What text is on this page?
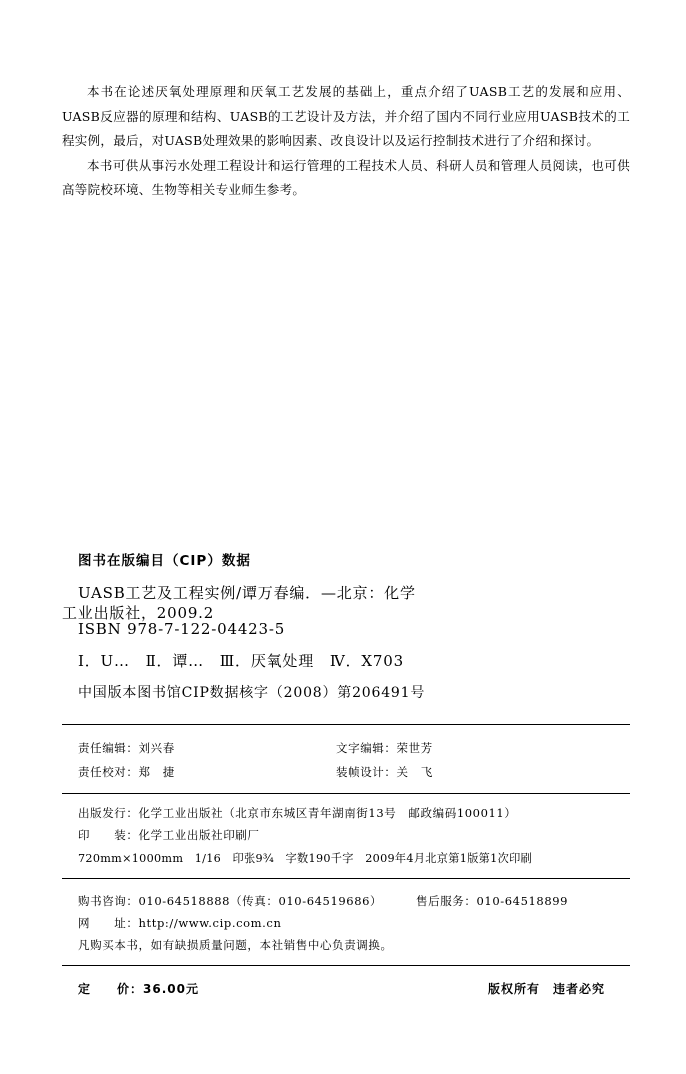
本书在论述厌氧处理原理和厌氧工艺发展的基础上，重点介绍了UASB工艺的发展和应用、UASB反应器的原理和结构、UASB的工艺设计及方法，并介绍了国内不同行业应用UASB技术的工程实例，最后，对UASB处理效果的影响因素、改良设计以及运行控制技术进行了介绍和探讨。

本书可供从事污水处理工程设计和运行管理的工程技术人员、科研人员和管理人员阅读，也可供高等院校环境、生物等相关专业师生参考。

图书在版编目（CIP）数据
UASB工艺及工程实例/谭万春编．—北京：化学
工业出版社，2009.2
ISBN 978-7-122-04423-5
Ⅰ．U…　Ⅱ．谭…　Ⅲ．厌氧处理　Ⅳ．X703
中国版本图书馆CIP数据核字（2008）第206491号
责任编辑：刘兴春	文字编辑：荣世芳
责任校对：郑　捷	装帧设计：关　飞
出版发行：化学工业出版社（北京市东城区青年湖南街13号　邮政编码100011）
印　　装：化学工业出版社印刷厂
720mm×1000mm　1/16　印张9¾　字数190千字　2009年4月北京第1版第1次印刷
购书咨询：010-64518888（传真：010-64519686）	售后服务：010-64518899
网　　址：http://www.cip.com.cn
凡购买本书，如有缺损质量问题，本社销售中心负责调换。
定　　价：36.00元	版权所有　违者必究
